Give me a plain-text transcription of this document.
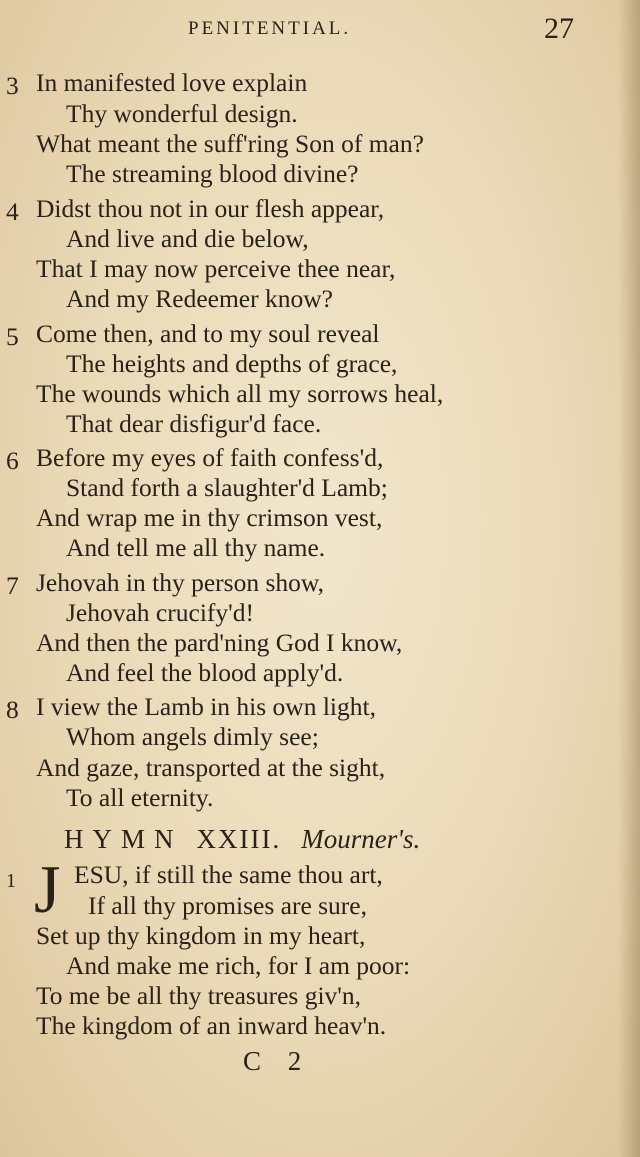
PENITENTIAL.	27
3 In manifested love explain
Thy wonderful design.
What meant the suff'ring Son of man?
The streaming blood divine?
4 Didst thou not in our flesh appear,
And live and die below,
That I may now perceive thee near,
And my Redeemer know?
5 Come then, and to my soul reveal
The heights and depths of grace,
The wounds which all my sorrows heal,
That dear disfigur'd face.
6 Before my eyes of faith confess'd,
Stand forth a slaughter'd Lamb;
And wrap me in thy crimson vest,
And tell me all thy name.
7 Jehovah in thy person show,
Jehovah crucify'd!
And then the pard'ning God I know,
And feel the blood apply'd.
8 I view the Lamb in his own light,
Whom angels dimly see;
And gaze, transported at the sight,
To all eternity.
HYMN XXIII. Mourner's.
1 J ESU, if still the same thou art,
If all thy promises are sure,
Set up thy kingdom in my heart,
And make me rich, for I am poor:
To me be all thy treasures giv'n,
The kingdom of an inward heav'n.
C 2
